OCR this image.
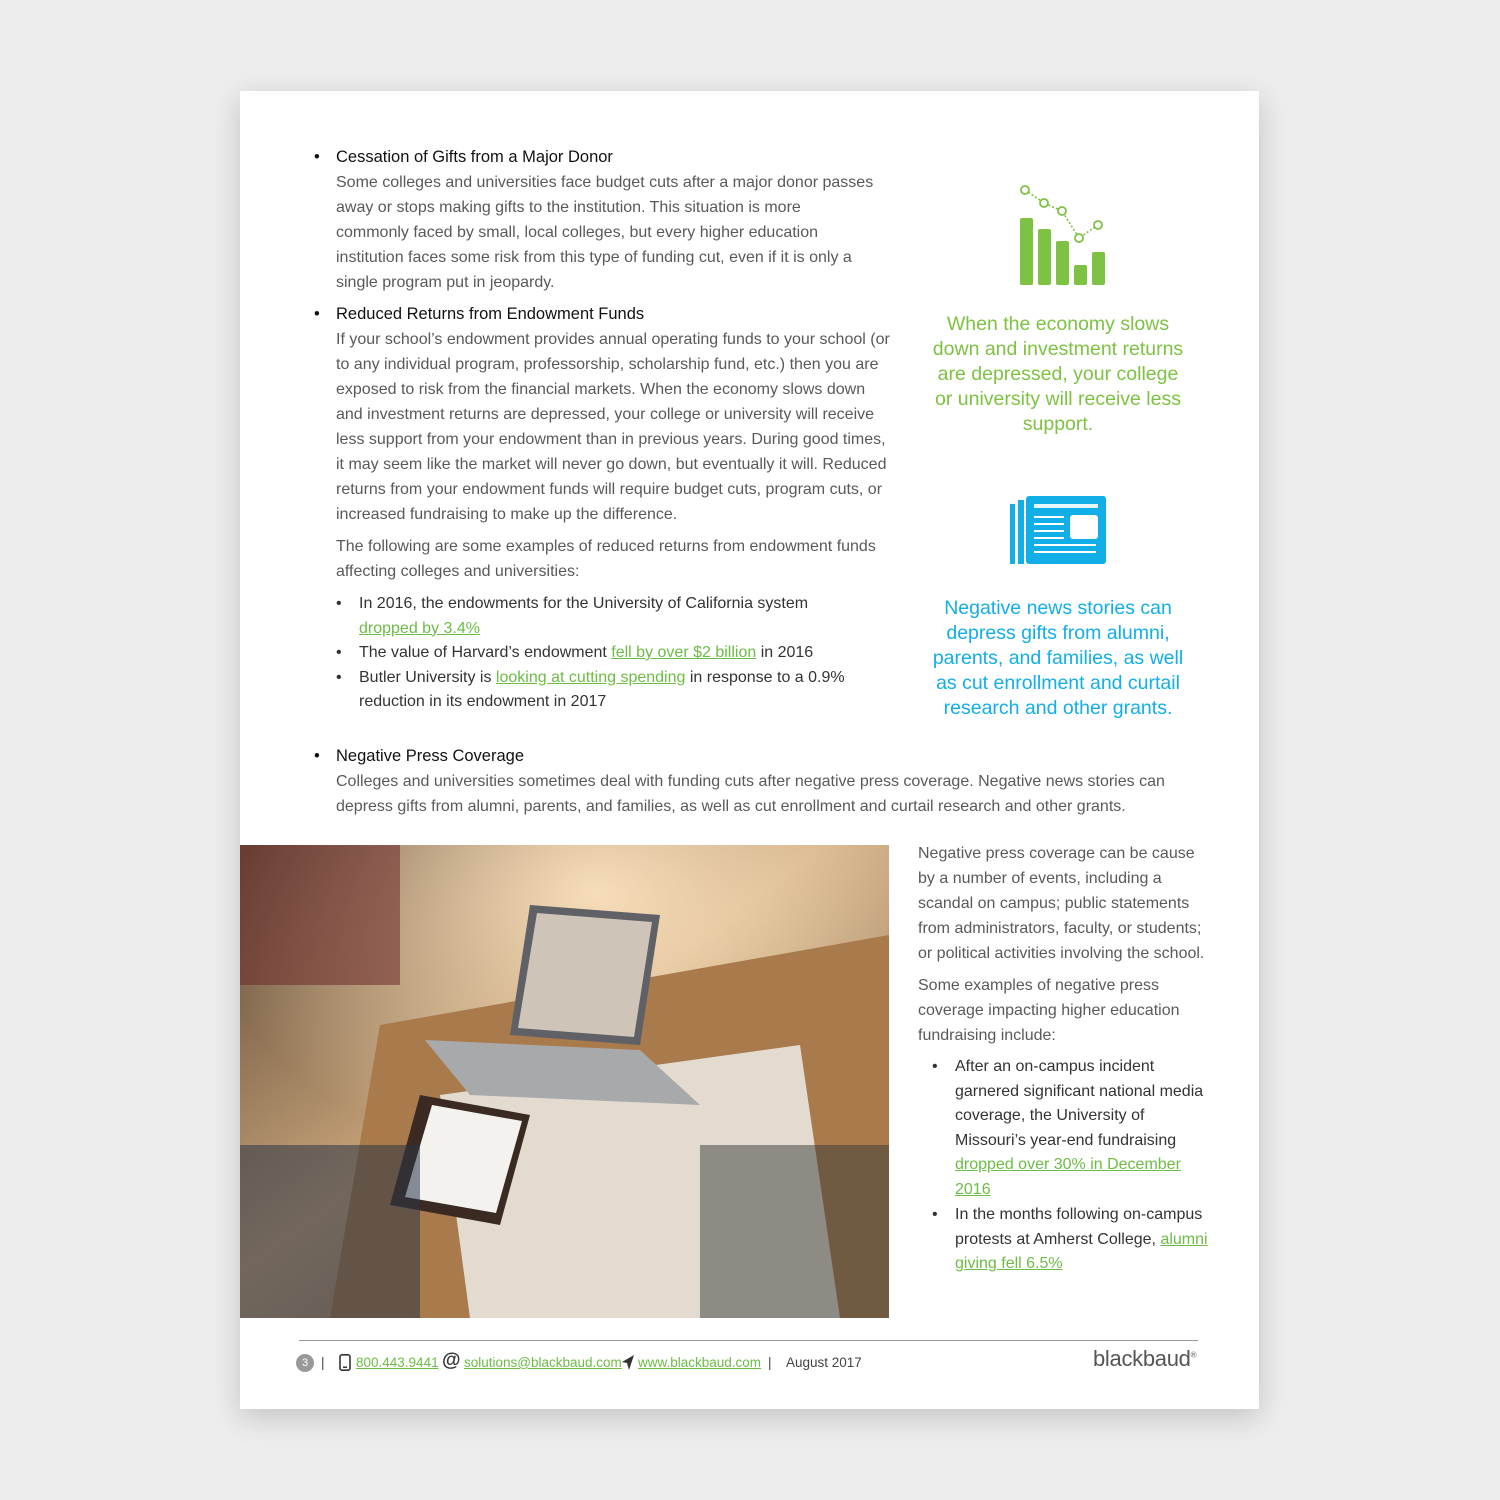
• Cessation of Gifts from a Major Donor

Some colleges and universities face budget cuts after a major donor passes away or stops making gifts to the institution. This situation is more commonly faced by small, local colleges, but every higher education institution faces some risk from this type of funding cut, even if it is only a single program put in jeopardy.

• Reduced Returns from Endowment Funds

If your school’s endowment provides annual operating funds to your school (or to any individual program, professorship, scholarship fund, etc.) then you are exposed to risk from the financial markets. When the economy slows down and investment returns are depressed, your college or university will receive less support from your endowment than in previous years. During good times, it may seem like the market will never go down, but eventually it will. Reduced returns from your endowment funds will require budget cuts, program cuts, or increased fundraising to make up the difference.

The following are some examples of reduced returns from endowment funds affecting colleges and universities:

• In 2016, the endowments for the University of California system dropped by 3.4%
• The value of Harvard’s endowment fell by over $2 billion in 2016
• Butler University is looking at cutting spending in response to a 0.9% reduction in its endowment in 2017
When the economy slows down and investment returns are depressed, your college or university will receive less support.
Negative news stories can depress gifts from alumni, parents, and families, as well as cut enrollment and curtail research and other grants.
• Negative Press Coverage

Colleges and universities sometimes deal with funding cuts after negative press coverage. Negative news stories can depress gifts from alumni, parents, and families, as well as cut enrollment and curtail research and other grants.

Negative press coverage can be cause by a number of events, including a scandal on campus; public statements from administrators, faculty, or students; or political activities involving the school.

Some examples of negative press coverage impacting higher education fundraising include:

• After an on-campus incident garnered significant national media coverage, the University of Missouri’s year-end fundraising dropped over 30% in December 2016
• In the months following on-campus protests at Amherst College, alumni giving fell 6.5%
3 | 800.443.9441 @ solutions@blackbaud.com www.blackbaud.com | August 2017	blackbaud®
